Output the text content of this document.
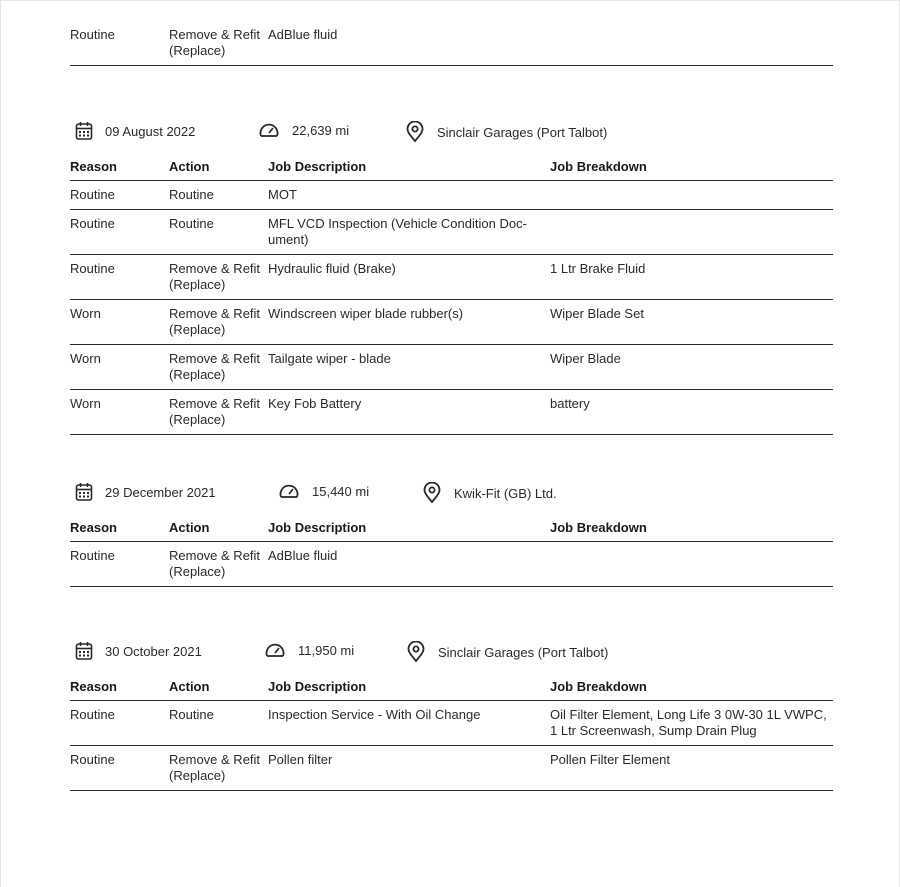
Routine	Remove & Refit
(Replace)	AdBlue fluid	
09 August 2022	22,639 mi	Sinclair Garages (Port Talbot)
Reason	Action	Job Description	Job Breakdown
Routine	Routine	MOT	
Routine	Routine	MFL VCD Inspection (Vehicle Condition Doc-
ument)	
Routine	Remove & Refit
(Replace)	Hydraulic fluid (Brake)	1 Ltr Brake Fluid
Worn	Remove & Refit
(Replace)	Windscreen wiper blade rubber(s)	Wiper Blade Set
Worn	Remove & Refit
(Replace)	Tailgate wiper - blade	Wiper Blade
Worn	Remove & Refit
(Replace)	Key Fob Battery	battery
29 December 2021	15,440 mi	Kwik-Fit (GB) Ltd.
Reason	Action	Job Description	Job Breakdown
Routine	Remove & Refit
(Replace)	AdBlue fluid	
30 October 2021	11,950 mi	Sinclair Garages (Port Talbot)
Reason	Action	Job Description	Job Breakdown
Routine	Routine	Inspection Service - With Oil Change	Oil Filter Element, Long Life 3 0W-30 1L VWPC, 1 Ltr Screenwash, Sump Drain Plug
Routine	Remove & Refit
(Replace)	Pollen filter	Pollen Filter Element
